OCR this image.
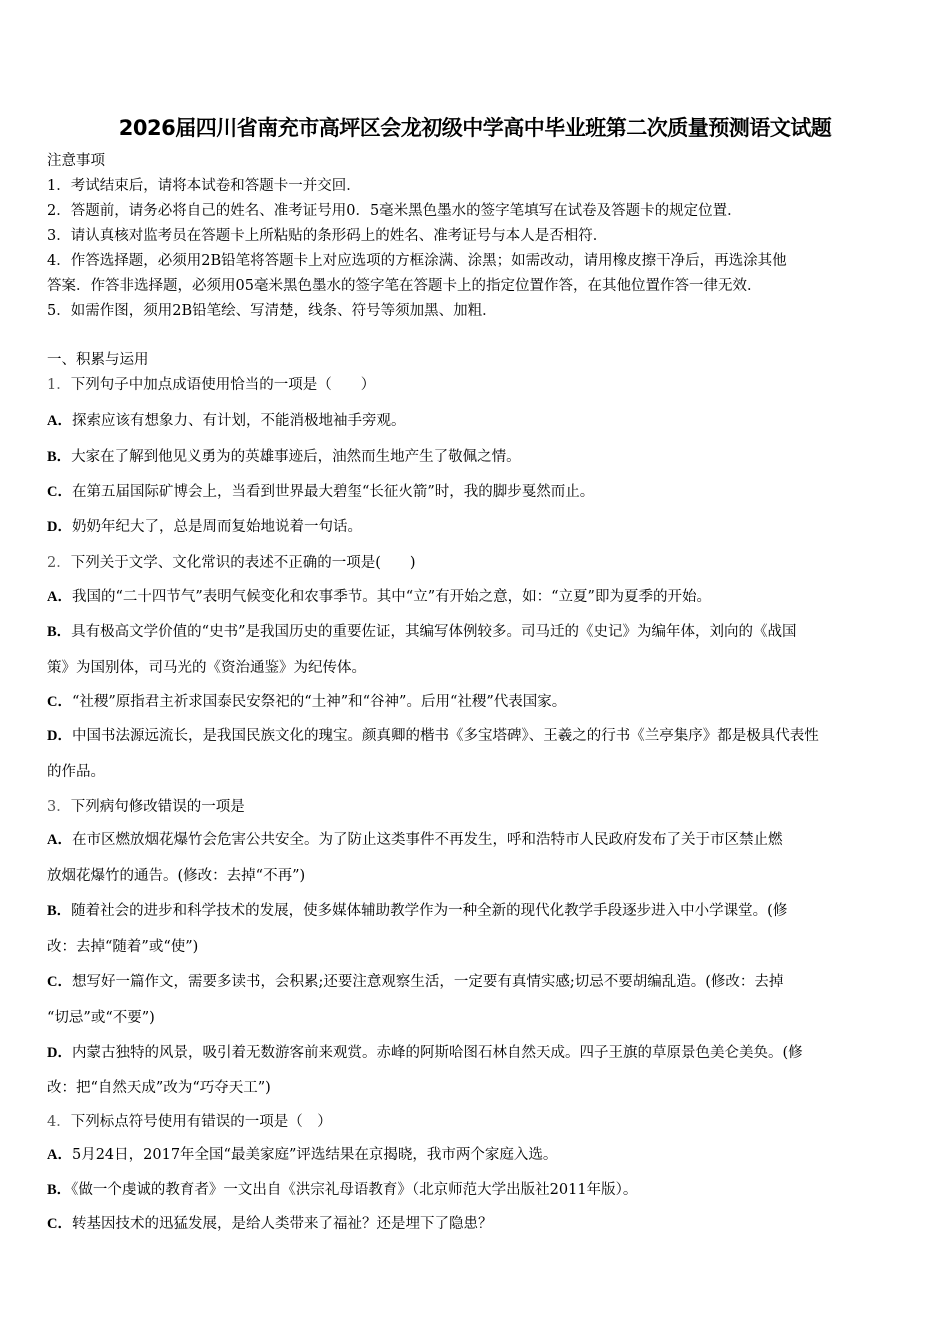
2026届四川省南充市高坪区会龙初级中学高中毕业班第二次质量预测语文试题
注意事项
1．考试结束后，请将本试卷和答题卡一并交回．
2．答题前，请务必将自己的姓名、准考证号用0．5毫米黑色墨水的签字笔填写在试卷及答题卡的规定位置．
3．请认真核对监考员在答题卡上所粘贴的条形码上的姓名、准考证号与本人是否相符．
4．作答选择题，必须用2B铅笔将答题卡上对应选项的方框涂满、涂黑；如需改动，请用橡皮擦干净后，再选涂其他
答案．作答非选择题，必须用05毫米黑色墨水的签字笔在答题卡上的指定位置作答，在其他位置作答一律无效．
5．如需作图，须用2B铅笔绘、写清楚，线条、符号等须加黑、加粗．
一、积累与运用
1．下列句子中加点成语使用恰当的一项是（　　）
A．探索应该有想象力、有计划，不能消极地袖手旁观。
B．大家在了解到他见义勇为的英雄事迹后，油然而生地产生了敬佩之情。
C．在第五届国际矿博会上，当看到世界最大碧玺“长征火箭”时，我的脚步戛然而止。
D．奶奶年纪大了，总是周而复始地说着一句话。
2．下列关于文学、文化常识的表述不正确的一项是(　　)
A．我国的“二十四节气”表明气候变化和农事季节。其中“立”有开始之意，如：“立夏”即为夏季的开始。
B．具有极高文学价值的“史书”是我国历史的重要佐证，其编写体例较多。司马迁的《史记》为编年体，刘向的《战国
策》为国别体，司马光的《资治通鉴》为纪传体。
C．“社稷”原指君主祈求国泰民安祭祀的“土神”和“谷神”。后用“社稷”代表国家。
D．中国书法源远流长，是我国民族文化的瑰宝。颜真卿的楷书《多宝塔碑》、王羲之的行书《兰亭集序》都是极具代表性
的作品。
3．下列病句修改错误的一项是
A．在市区燃放烟花爆竹会危害公共安全。为了防止这类事件不再发生，呼和浩特市人民政府发布了关于市区禁止燃
放烟花爆竹的通告。(修改：去掉“不再”)
B．随着社会的进步和科学技术的发展，使多媒体辅助教学作为一种全新的现代化教学手段逐步进入中小学课堂。(修
改：去掉“随着”或“使”)
C．想写好一篇作文，需要多读书，会积累;还要注意观察生活，一定要有真情实感;切忌不要胡编乱造。(修改：去掉
“切忌”或“不要”)
D．内蒙古独特的风景，吸引着无数游客前来观赏。赤峰的阿斯哈图石林自然天成。四子王旗的草原景色美仑美奂。(修
改：把“自然天成”改为“巧夺天工”)
4．下列标点符号使用有错误的一项是（　）
A．5月24日，2017年全国“最美家庭”评选结果在京揭晓，我市两个家庭入选。
B．《做一个虔诚的教育者》一文出自《洪宗礼母语教育》（北京师范大学出版社2011年版）。
C．转基因技术的迅猛发展，是给人类带来了福祉？还是埋下了隐患？
